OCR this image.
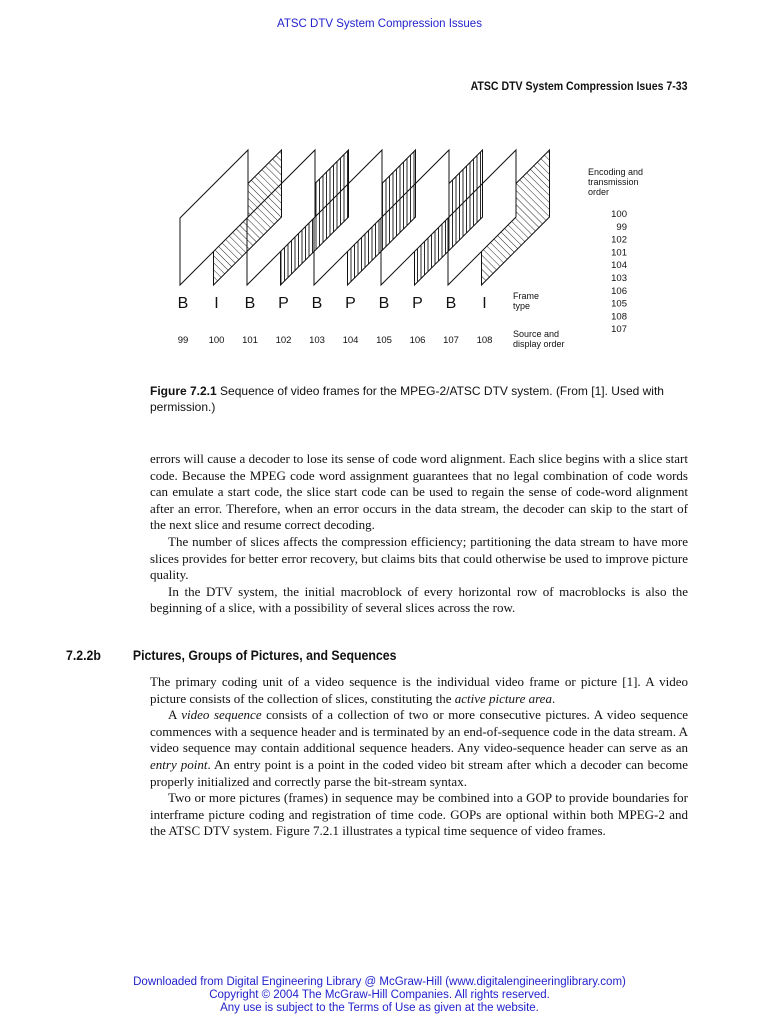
ATSC DTV System Compression Issues
ATSC DTV System Compression Isues 7-33
B I B P B P B P B I
99 100 101 102 103 104 105 106 107 108
100
99
102
101
104
103
106
105
108
107
Frame
type
Source and
display order
Encoding and
transmission
order
Figure 7.2.1 Sequence of video frames for the MPEG-2/ATSC DTV system. (From [1]. Used with permission.)

errors will cause a decoder to lose its sense of code word alignment. Each slice begins with a slice start code. Because the MPEG code word assignment guarantees that no legal combination of code words can emulate a start code, the slice start code can be used to regain the sense of code-word alignment after an error. Therefore, when an error occurs in the data stream, the decoder can skip to the start of the next slice and resume correct decoding.

The number of slices affects the compression efficiency; partitioning the data stream to have more slices provides for better error recovery, but claims bits that could otherwise be used to improve picture quality.

In the DTV system, the initial macroblock of every horizontal row of macroblocks is also the beginning of a slice, with a possibility of several slices across the row.

7.2.2b Pictures, Groups of Pictures, and Sequences

The primary coding unit of a video sequence is the individual video frame or picture [1]. A video picture consists of the collection of slices, constituting the active picture area.

A video sequence consists of a collection of two or more consecutive pictures. A video sequence commences with a sequence header and is terminated by an end-of-sequence code in the data stream. A video sequence may contain additional sequence headers. Any video-sequence header can serve as an entry point. An entry point is a point in the coded video bit stream after which a decoder can become properly initialized and correctly parse the bit-stream syntax.

Two or more pictures (frames) in sequence may be combined into a GOP to provide boundaries for interframe picture coding and registration of time code. GOPs are optional within both MPEG-2 and the ATSC DTV system. Figure 7.2.1 illustrates a typical time sequence of video frames.

Downloaded from Digital Engineering Library @ McGraw-Hill (www.digitalengineeringlibrary.com)
Copyright © 2004 The McGraw-Hill Companies. All rights reserved.
Any use is subject to the Terms of Use as given at the website.
